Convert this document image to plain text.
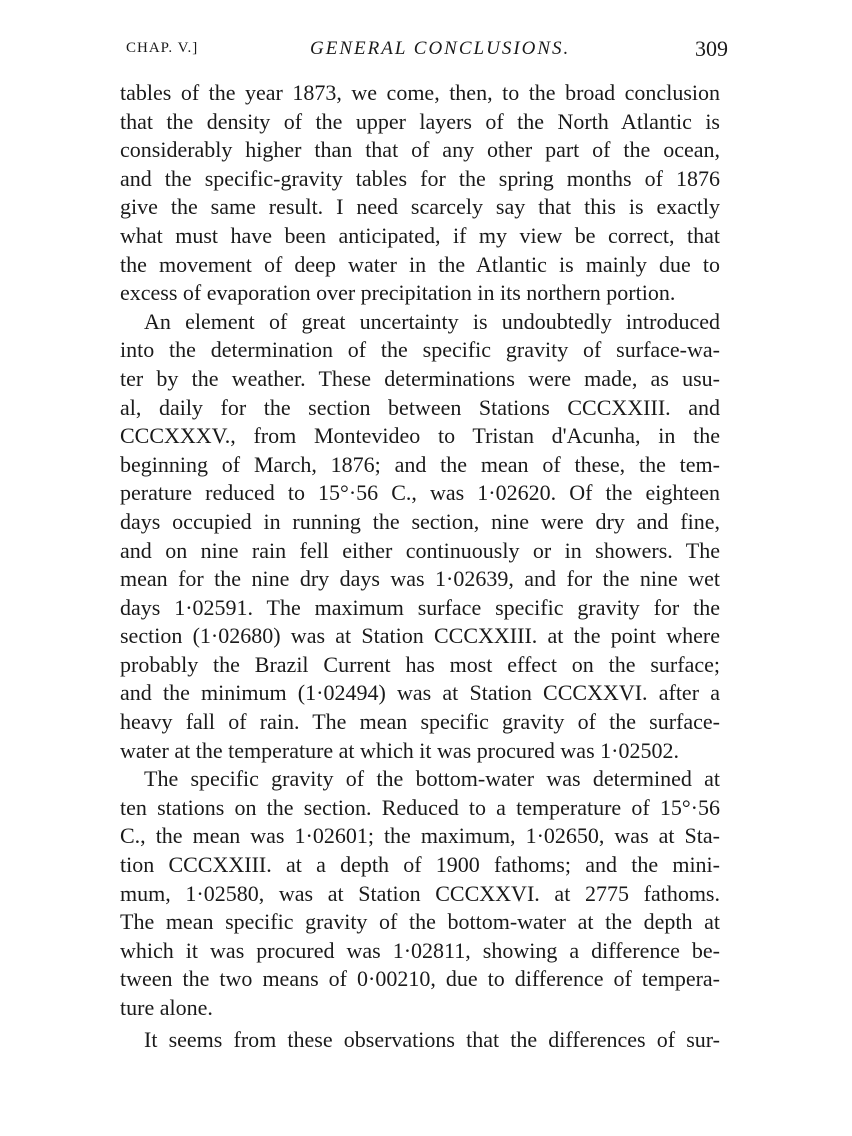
CHAP. V.]	GENERAL CONCLUSIONS.	309
tables of the year 1873, we come, then, to the broad conclusion
that the density of the upper layers of the North Atlantic is
considerably higher than that of any other part of the ocean,
and the specific-gravity tables for the spring months of 1876
give the same result. I need scarcely say that this is exactly
what must have been anticipated, if my view be correct, that
the movement of deep water in the Atlantic is mainly due to
excess of evaporation over precipitation in its northern portion.
An element of great uncertainty is undoubtedly introduced
into the determination of the specific gravity of surface-wa-
ter by the weather. These determinations were made, as usu-
al, daily for the section between Stations CCCXXIII. and
CCCXXXV., from Montevideo to Tristan d'Acunha, in the
beginning of March, 1876; and the mean of these, the tem-
perature reduced to 15°·56 C., was 1·02620. Of the eighteen
days occupied in running the section, nine were dry and fine,
and on nine rain fell either continuously or in showers. The
mean for the nine dry days was 1·02639, and for the nine wet
days 1·02591. The maximum surface specific gravity for the
section (1·02680) was at Station CCCXXIII. at the point where
probably the Brazil Current has most effect on the surface;
and the minimum (1·02494) was at Station CCCXXVI. after a
heavy fall of rain. The mean specific gravity of the surface-
water at the temperature at which it was procured was 1·02502.
The specific gravity of the bottom-water was determined at
ten stations on the section. Reduced to a temperature of 15°·56
C., the mean was 1·02601; the maximum, 1·02650, was at Sta-
tion CCCXXIII. at a depth of 1900 fathoms; and the mini-
mum, 1·02580, was at Station CCCXXVI. at 2775 fathoms.
The mean specific gravity of the bottom-water at the depth at
which it was procured was 1·02811, showing a difference be-
tween the two means of 0·00210, due to difference of tempera-
ture alone.
It seems from these observations that the differences of sur-
